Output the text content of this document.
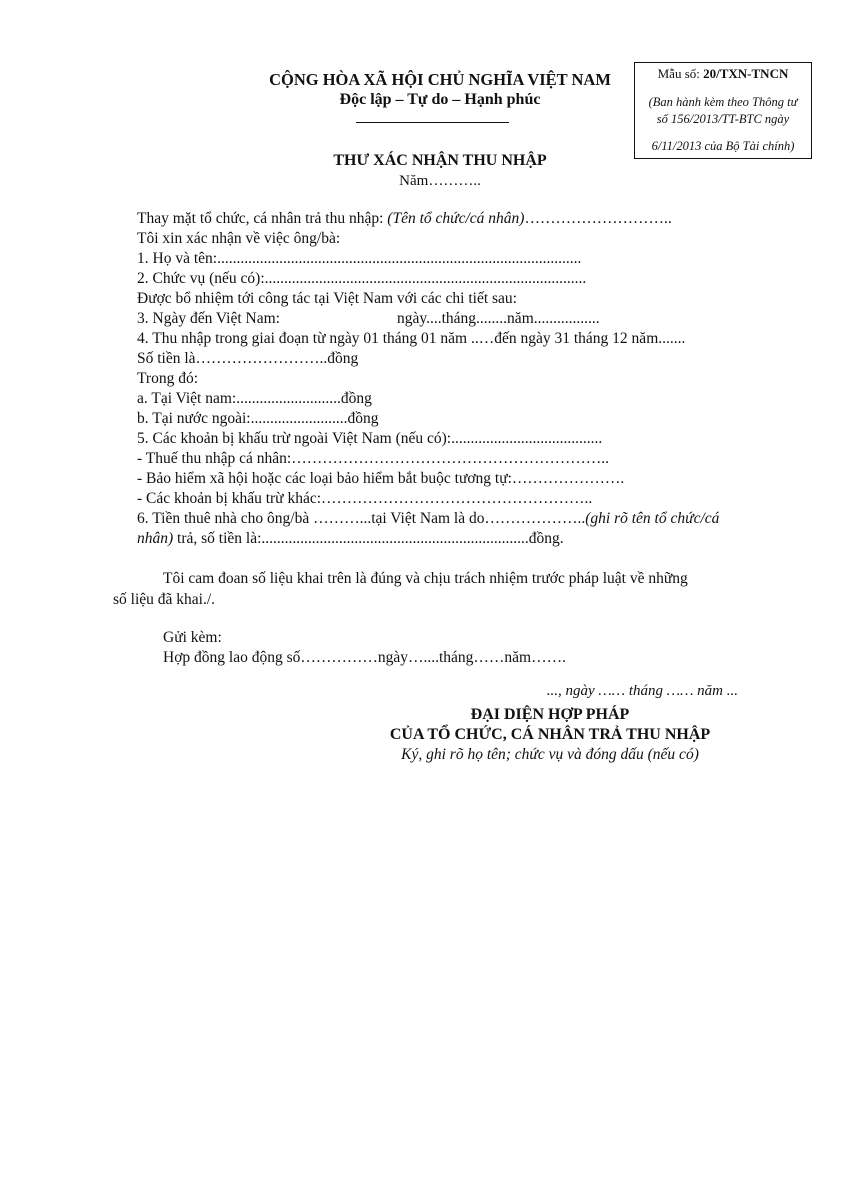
CỘNG HÒA XÃ HỘI CHỦ NGHĨA VIỆT NAM
Độc lập – Tự do – Hạnh phúc
Mẫu số: 20/TXN-TNCN
(Ban hành kèm theo Thông tư
số 156/2013/TT-BTC ngày
6/11/2013 của Bộ Tài chính)
THƯ XÁC NHẬN THU NHẬP
Năm………..
Thay mặt tổ chức, cá nhân trả thu nhập: (Tên tổ chức/cá nhân)………………………..
Tôi xin xác nhận về việc ông/bà:
1. Họ và tên:..............................................................................................
2. Chức vụ (nếu có):...................................................................................
Được bổ nhiệm tới công tác tại Việt Nam với các chi tiết sau:
3. Ngày đến Việt Nam:	ngày....tháng........năm.................
4. Thu nhập trong giai đoạn từ ngày 01 tháng 01 năm ..…đến ngày 31 tháng 12 năm.......
Số tiền là……………………..đồng
Trong đó:
a. Tại Việt nam:...........................đồng
b. Tại nước ngoài:.........................đồng
5. Các khoản bị khấu trừ ngoài Việt Nam (nếu có):.......................................
- Thuế thu nhập cá nhân:……………………………………………………..
- Bảo hiểm xã hội hoặc các loại bảo hiểm bắt buộc tương tự:………………….
- Các khoản bị khấu trừ khác:……………………………………………..
6. Tiền thuê nhà cho ông/bà ………...tại Việt Nam là do………………..(ghi rõ tên tổ chức/cá
nhân) trả, số tiền là:.....................................................................đồng.
Tôi cam đoan số liệu khai trên là đúng và chịu trách nhiệm trước pháp luật về những
số liệu đã khai./.
Gửi kèm:
Hợp đồng lao động số……………ngày…....tháng……năm…….
..., ngày …… tháng …… năm ...
ĐẠI DIỆN HỢP PHÁP
CỦA TỔ CHỨC, CÁ NHÂN TRẢ THU NHẬP
Ký, ghi rõ họ tên; chức vụ và đóng dấu (nếu có)
